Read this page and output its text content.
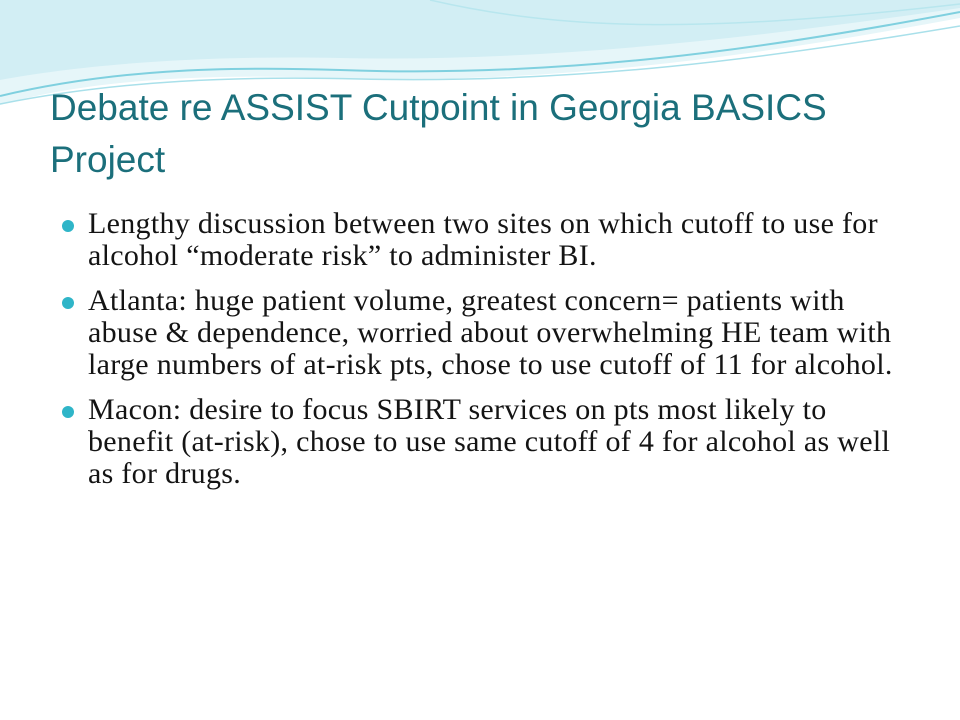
Debate re ASSIST Cutpoint in Georgia BASICS Project
Lengthy discussion between two sites on which cutoff to use for alcohol “moderate risk” to administer BI.
Atlanta: huge patient volume, greatest concern= patients with abuse & dependence, worried about overwhelming HE team with large numbers of at-risk pts, chose to use cutoff of 11 for alcohol.
Macon: desire to focus SBIRT services on pts most likely to benefit (at-risk), chose to use same cutoff of 4 for alcohol as well as for drugs.
